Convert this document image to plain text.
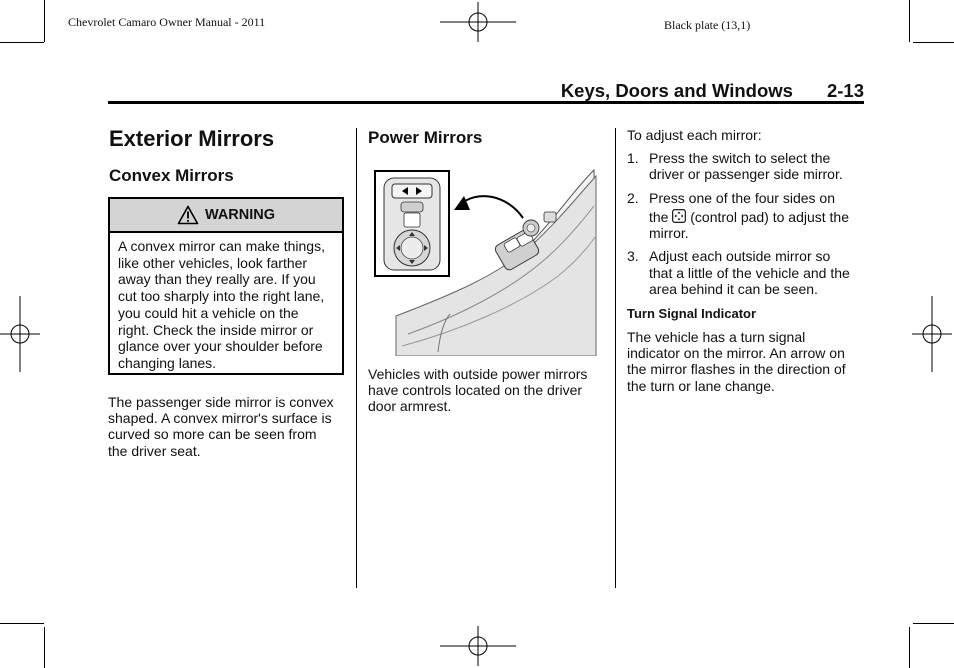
Chevrolet Camaro Owner Manual - 2011	Black plate (13,1)
Keys, Doors and Windows 2-13
Exterior Mirrors
Convex Mirrors
WARNING
A convex mirror can make things,
like other vehicles, look farther
away than they really are. If you
cut too sharply into the right lane,
you could hit a vehicle on the
right. Check the inside mirror or
glance over your shoulder before
changing lanes.
The passenger side mirror is convex
shaped. A convex mirror's surface is
curved so more can be seen from
the driver seat.
Power Mirrors
Vehicles with outside power mirrors
have controls located on the driver
door armrest.
To adjust each mirror:
1. Press the switch to select the
driver or passenger side mirror.
2. Press one of the four sides on
the (control pad) to adjust the
mirror.
3. Adjust each outside mirror so
that a little of the vehicle and the
area behind it can be seen.
Turn Signal Indicator
The vehicle has a turn signal
indicator on the mirror. An arrow on
the mirror flashes in the direction of
the turn or lane change.
